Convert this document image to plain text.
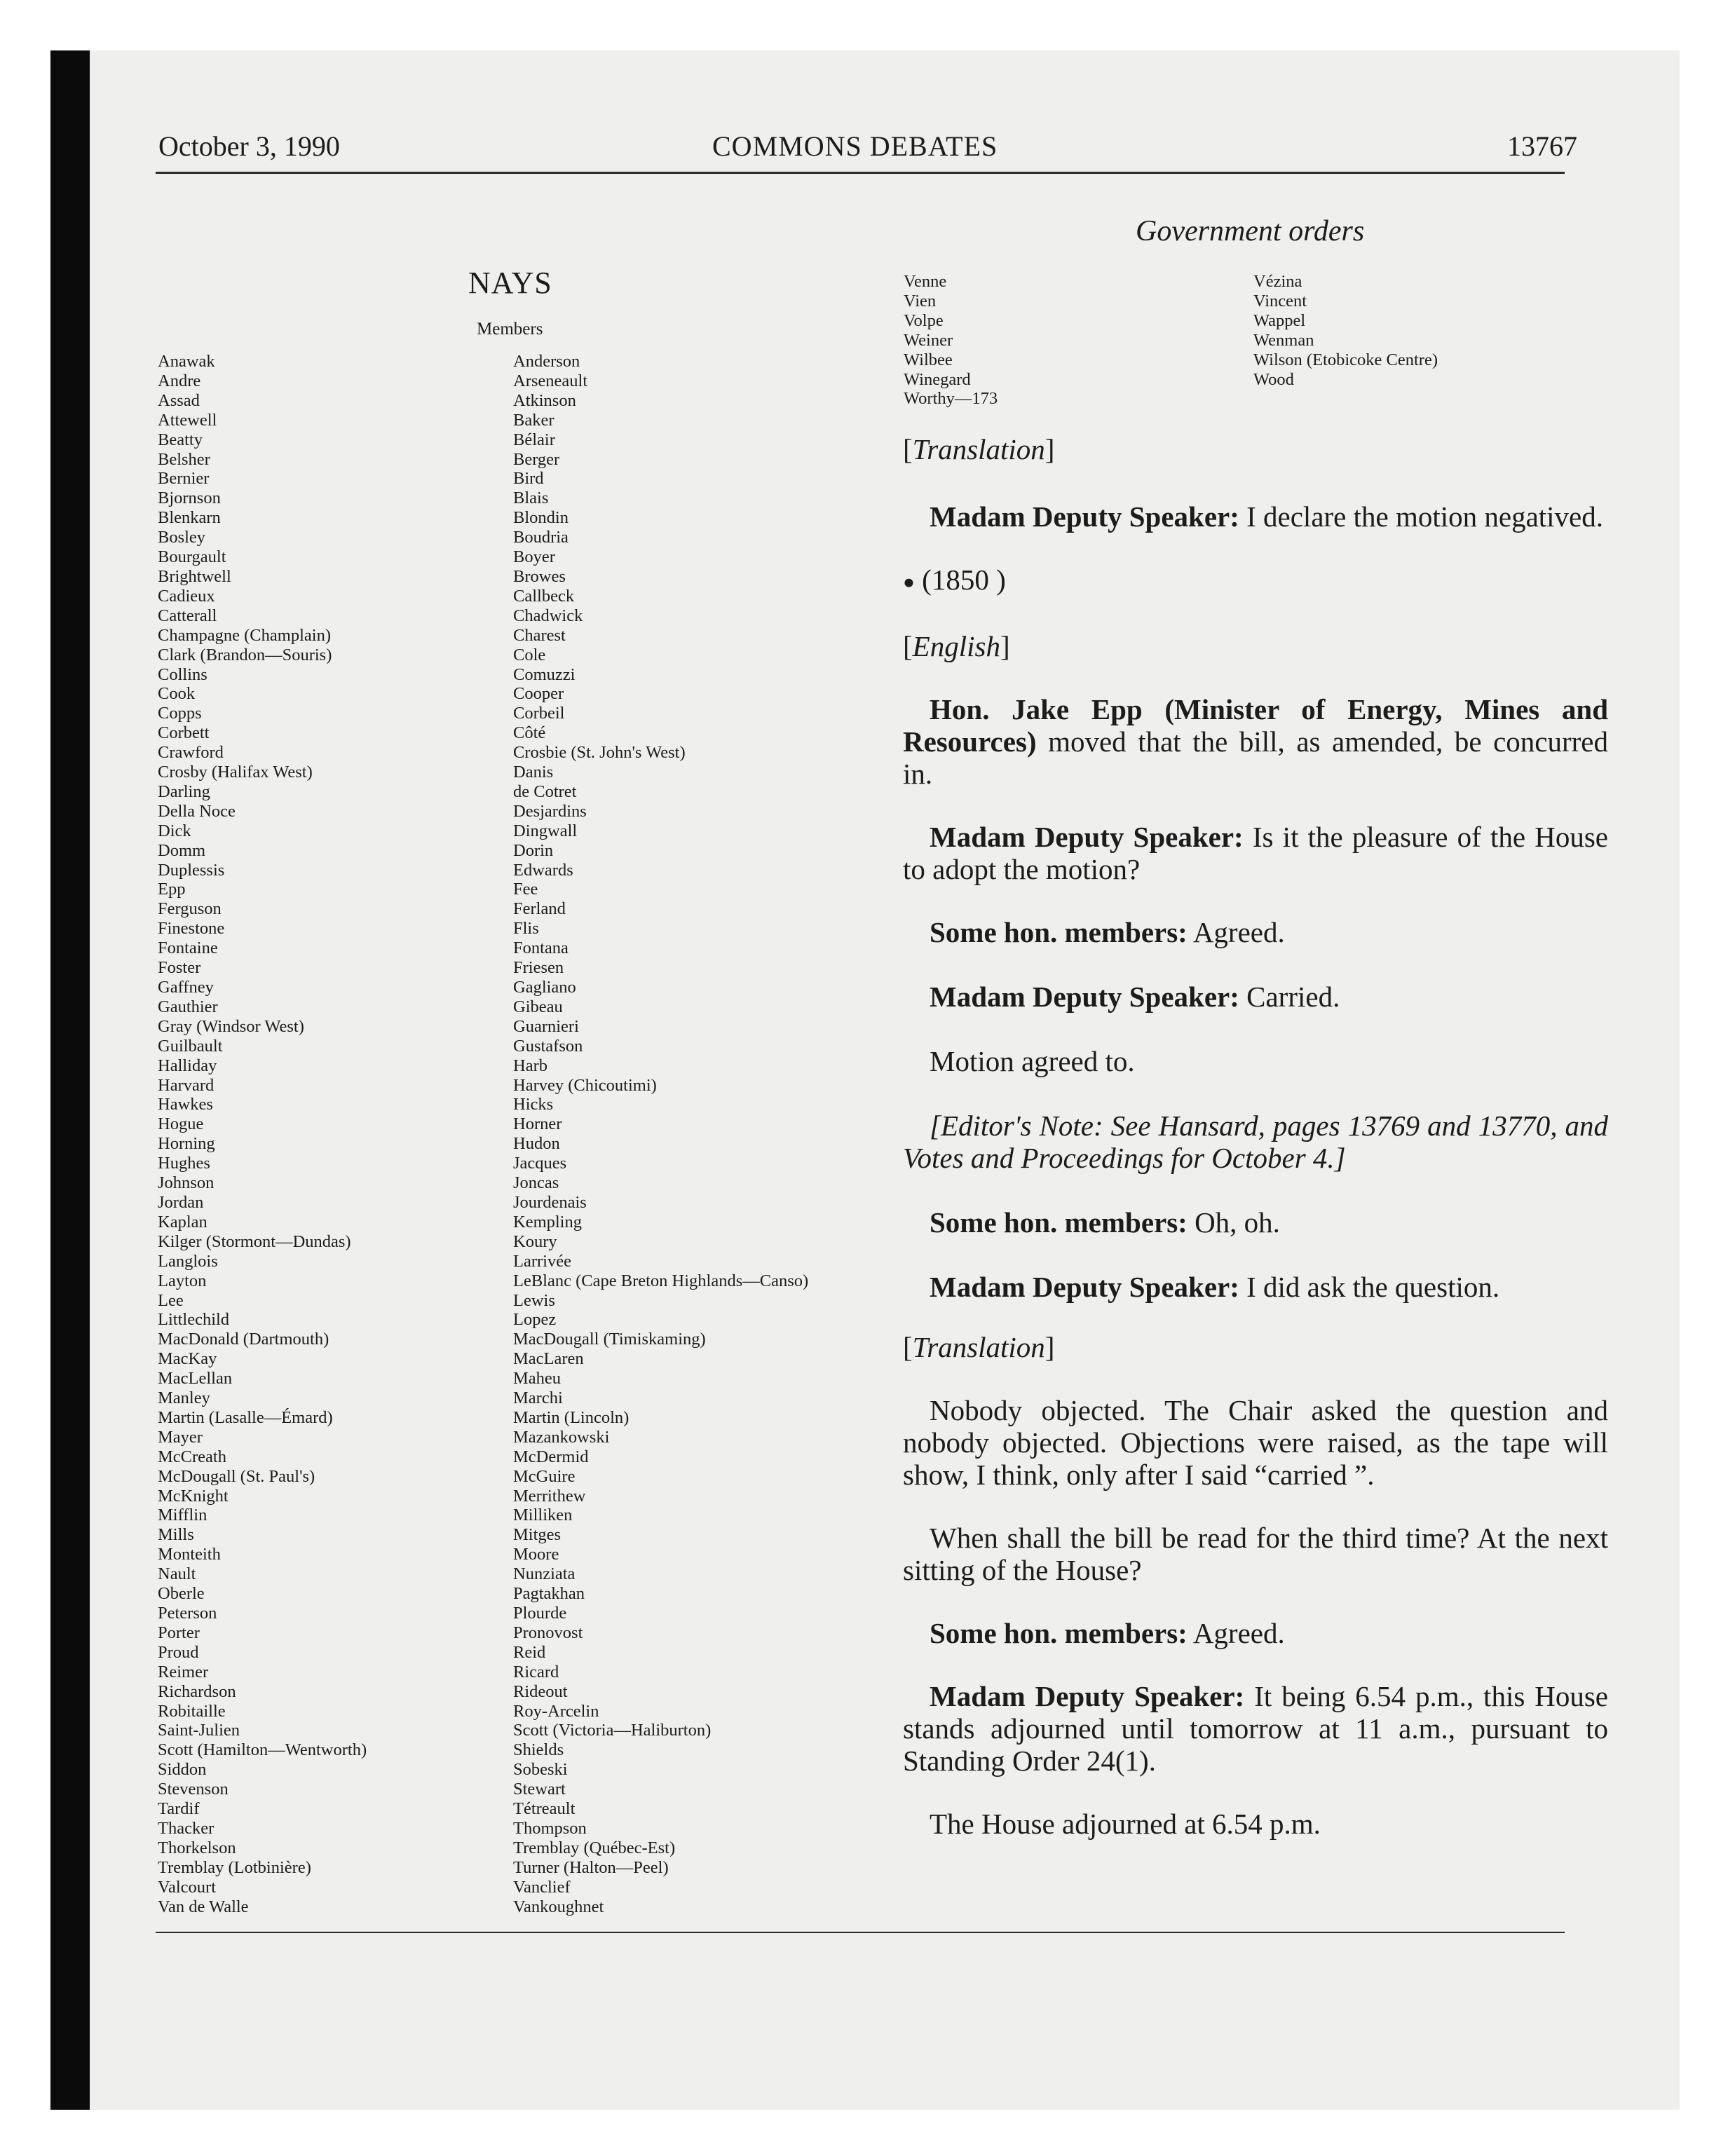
October 3, 1990	COMMONS DEBATES	13767
Government orders
NAYS
Members
Anawak
Andre
Assad
Attewell
Beatty
Belsher
Bernier
Bjornson
Blenkarn
Bosley
Bourgault
Brightwell
Cadieux
Catterall
Champagne (Champlain)
Clark (Brandon—Souris)
Collins
Cook
Copps
Corbett
Crawford
Crosby (Halifax West)
Darling
Della Noce
Dick
Domm
Duplessis
Epp
Ferguson
Finestone
Fontaine
Foster
Gaffney
Gauthier
Gray (Windsor West)
Guilbault
Halliday
Harvard
Hawkes
Hogue
Horning
Hughes
Johnson
Jordan
Kaplan
Kilger (Stormont—Dundas)
Langlois
Layton
Lee
Littlechild
MacDonald (Dartmouth)
MacKay
MacLellan
Manley
Martin (Lasalle—Émard)
Mayer
McCreath
McDougall (St. Paul's)
McKnight
Mifflin
Mills
Monteith
Nault
Oberle
Peterson
Porter
Proud
Reimer
Richardson
Robitaille
Saint-Julien
Scott (Hamilton—Wentworth)
Siddon
Stevenson
Tardif
Thacker
Thorkelson
Tremblay (Lotbinière)
Valcourt
Van de Walle
Anderson
Arseneault
Atkinson
Baker
Bélair
Berger
Bird
Blais
Blondin
Boudria
Boyer
Browes
Callbeck
Chadwick
Charest
Cole
Comuzzi
Cooper
Corbeil
Côté
Crosbie (St. John's West)
Danis
de Cotret
Desjardins
Dingwall
Dorin
Edwards
Fee
Ferland
Flis
Fontana
Friesen
Gagliano
Gibeau
Guarnieri
Gustafson
Harb
Harvey (Chicoutimi)
Hicks
Horner
Hudon
Jacques
Joncas
Jourdenais
Kempling
Koury
Larrivée
LeBlanc (Cape Breton Highlands—Canso)
Lewis
Lopez
MacDougall (Timiskaming)
MacLaren
Maheu
Marchi
Martin (Lincoln)
Mazankowski
McDermid
McGuire
Merrithew
Milliken
Mitges
Moore
Nunziata
Pagtakhan
Plourde
Pronovost
Reid
Ricard
Rideout
Roy-Arcelin
Scott (Victoria—Haliburton)
Shields
Sobeski
Stewart
Tétreault
Thompson
Tremblay (Québec-Est)
Turner (Halton—Peel)
Vanclief
Vankoughnet
Venne
Vien
Volpe
Weiner
Wilbee
Winegard
Worthy—173
Vézina
Vincent
Wappel
Wenman
Wilson (Etobicoke Centre)
Wood

[Translation]

Madam Deputy Speaker: I declare the motion negatived.

● (1850 )

[English]

Hon. Jake Epp (Minister of Energy, Mines and Resources) moved that the bill, as amended, be concurred in.

Madam Deputy Speaker: Is it the pleasure of the House to adopt the motion?

Some hon. members: Agreed.

Madam Deputy Speaker: Carried.

Motion agreed to.

[Editor's Note: See Hansard, pages 13769 and 13770, and Votes and Proceedings for October 4.]

Some hon. members: Oh, oh.

Madam Deputy Speaker: I did ask the question.

[Translation]

Nobody objected. The Chair asked the question and nobody objected. Objections were raised, as the tape will show, I think, only after I said “carried ”.

When shall the bill be read for the third time? At the next sitting of the House?

Some hon. members: Agreed.

Madam Deputy Speaker: It being 6.54 p.m., this House stands adjourned until tomorrow at 11 a.m., pursuant to Standing Order 24(1).

The House adjourned at 6.54 p.m.
